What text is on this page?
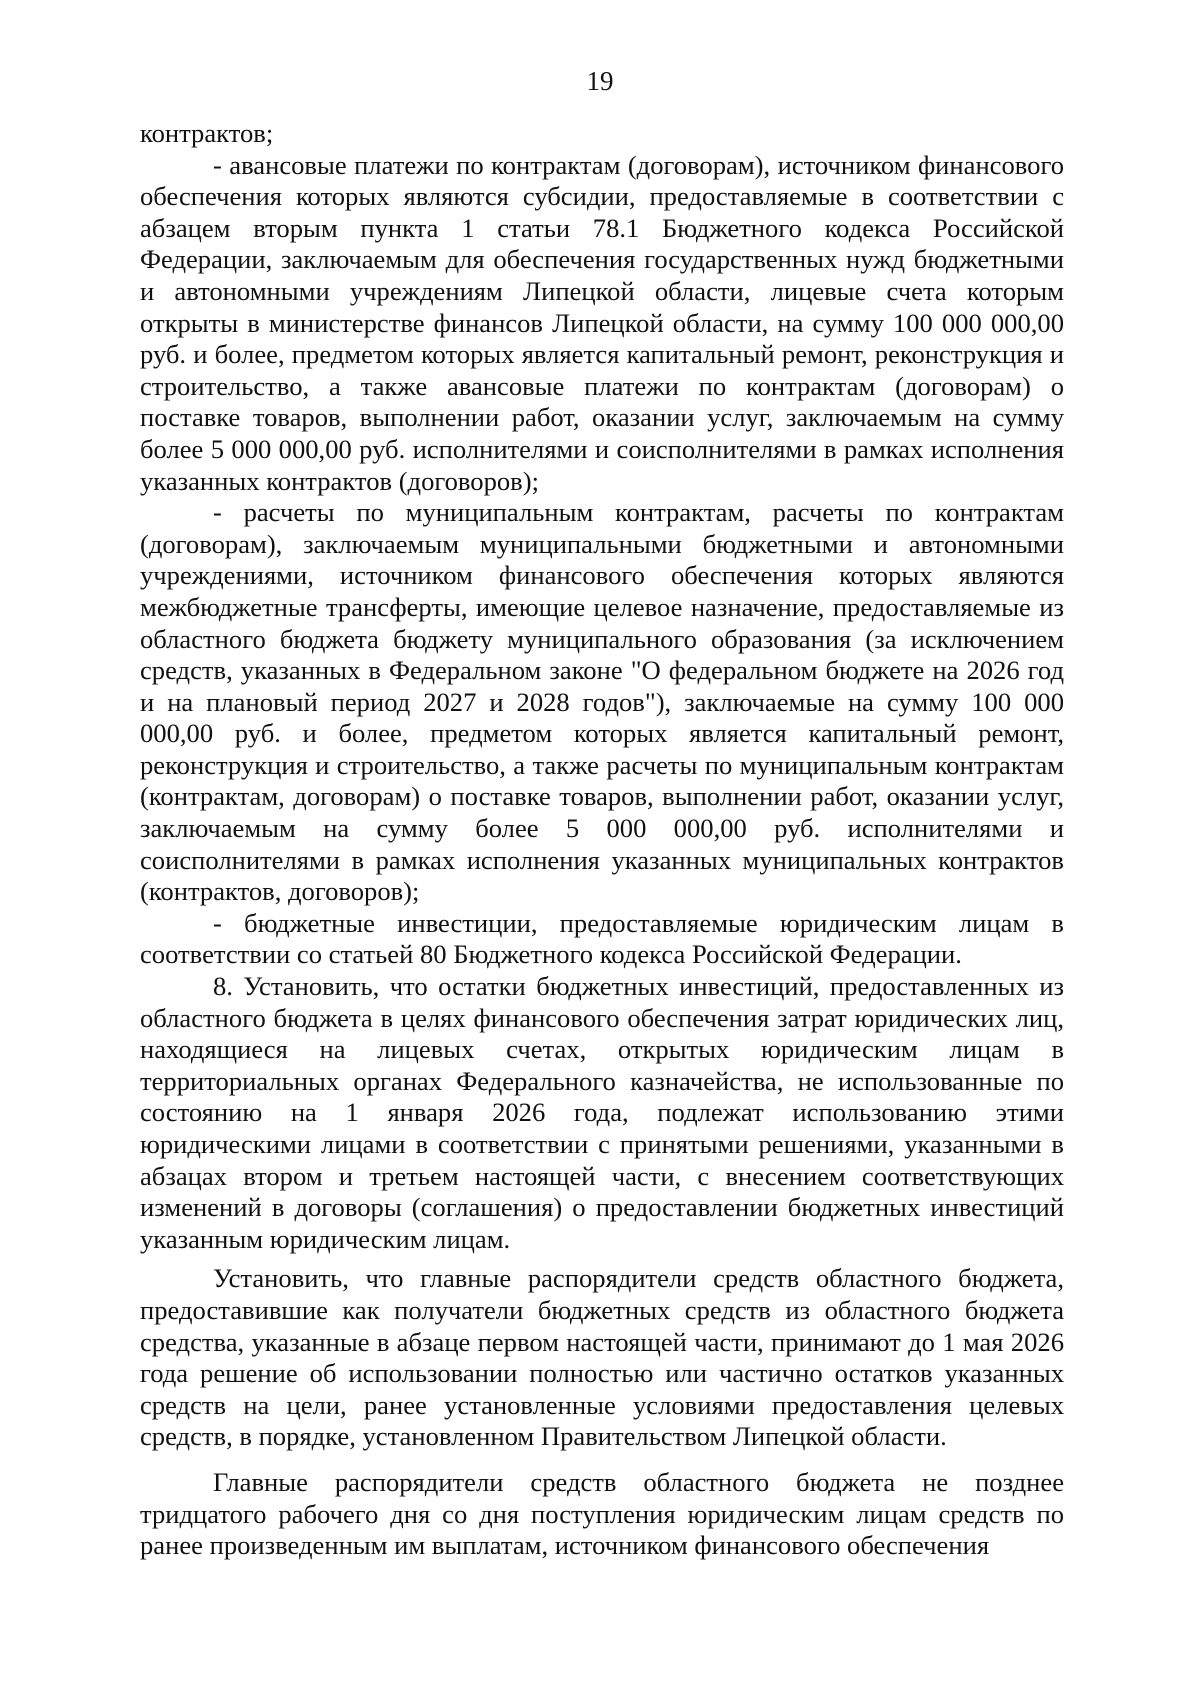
19

контрактов;

- авансовые платежи по контрактам (договорам), источником финансового обеспечения которых являются субсидии, предоставляемые в соответствии с абзацем вторым пункта 1 статьи 78.1 Бюджетного кодекса Российской Федерации, заключаемым для обеспечения государственных нужд бюджетными и автономными учреждениям Липецкой области, лицевые счета которым открыты в министерстве финансов Липецкой области, на сумму 100 000 000,00 руб. и более, предметом которых является капитальный ремонт, реконструкция и строительство, а также авансовые платежи по контрактам (договорам) о поставке товаров, выполнении работ, оказании услуг, заключаемым на сумму более 5 000 000,00 руб. исполнителями и соисполнителями в рамках исполнения указанных контрактов (договоров);

- расчеты по муниципальным контрактам, расчеты по контрактам (договорам), заключаемым муниципальными бюджетными и автономными учреждениями, источником финансового обеспечения которых являются межбюджетные трансферты, имеющие целевое назначение, предоставляемые из областного бюджета бюджету муниципального образования (за исключением средств, указанных в Федеральном законе "О федеральном бюджете на 2026 год и на плановый период 2027 и 2028 годов"), заключаемые на сумму 100 000 000,00 руб. и более, предметом которых является капитальный ремонт, реконструкция и строительство, а также расчеты по муниципальным контрактам (контрактам, договорам) о поставке товаров, выполнении работ, оказании услуг, заключаемым на сумму более 5 000 000,00 руб. исполнителями и соисполнителями в рамках исполнения указанных муниципальных контрактов (контрактов, договоров);

- бюджетные инвестиции, предоставляемые юридическим лицам в соответствии со статьей 80 Бюджетного кодекса Российской Федерации.

8. Установить, что остатки бюджетных инвестиций, предоставленных из областного бюджета в целях финансового обеспечения затрат юридических лиц, находящиеся на лицевых счетах, открытых юридическим лицам в территориальных органах Федерального казначейства, не использованные по состоянию на 1 января 2026 года, подлежат использованию этими юридическими лицами в соответствии с принятыми решениями, указанными в абзацах втором и третьем настоящей части, с внесением соответствующих изменений в договоры (соглашения) о предоставлении бюджетных инвестиций указанным юридическим лицам.

Установить, что главные распорядители средств областного бюджета, предоставившие как получатели бюджетных средств из областного бюджета средства, указанные в абзаце первом настоящей части, принимают до 1 мая 2026 года решение об использовании полностью или частично остатков указанных средств на цели, ранее установленные условиями предоставления целевых средств, в порядке, установленном Правительством Липецкой области.

Главные распорядители средств областного бюджета не позднее тридцатого рабочего дня со дня поступления юридическим лицам средств по ранее произведенным им выплатам, источником финансового обеспечения
